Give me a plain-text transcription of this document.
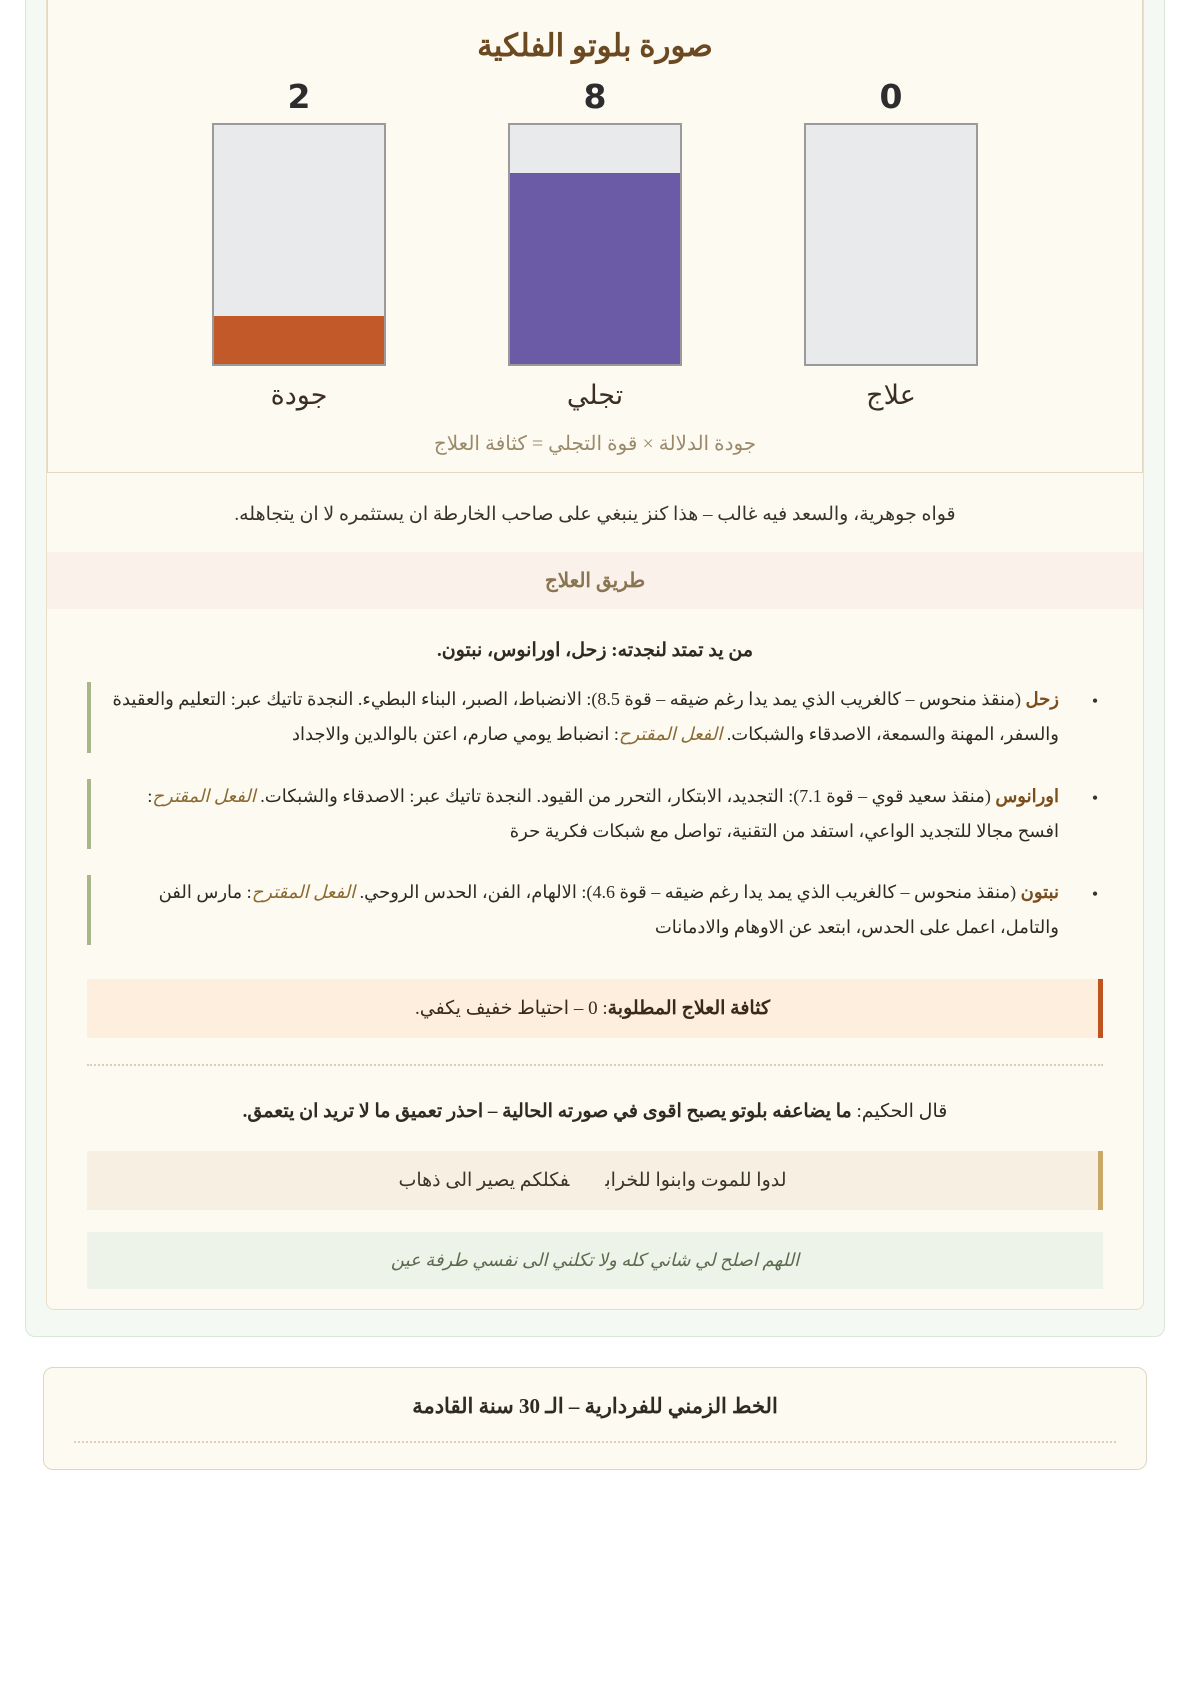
صورة بلوتو الفلكية
2
جودة
8
تجلي
0
علاج
جودة الدلالة × قوة التجلي = كثافة العلاج
قواه جوهرية، والسعد فيه غالب – هذا كنز ينبغي على صاحب الخارطة ان يستثمره لا ان يتجاهله.
طريق العلاج
من يد تمتد لنجدته: زحل، اورانوس، نبتون.
•
زحل (منقذ منحوس – كالغريب الذي يمد يدا رغم ضيقه – قوة 8.5): الانضباط، الصبر، البناء البطيء. النجدة تاتيك عبر: التعليم والعقيدة والسفر، المهنة والسمعة، الاصدقاء والشبكات. الفعل المقترح: انضباط يومي صارم، اعتن بالوالدين والاجداد
•
اورانوس (منقذ سعيد قوي – قوة 7.1): التجديد، الابتكار، التحرر من القيود. النجدة تاتيك عبر: الاصدقاء والشبكات. الفعل المقترح: افسح مجالا للتجديد الواعي، استفد من التقنية، تواصل مع شبكات فكرية حرة
•
نبتون (منقذ منحوس – كالغريب الذي يمد يدا رغم ضيقه – قوة 4.6): الالهام، الفن، الحدس الروحي. الفعل المقترح: مارس الفن والتامل، اعمل على الحدس، ابتعد عن الاوهام والادمانات
كثافة العلاج المطلوبة: 0 – احتياط خفيف يكفي.
قال الحكيم: ما يضاعفه بلوتو يصبح اقوى في صورته الحالية – احذر تعميق ما لا تريد ان يتعمق.
لدوا للموت وابنوا للخرابفكلكم يصير الى ذهاب
اللهم اصلح لي شاني كله ولا تكلني الى نفسي طرفة عين
الخط الزمني للفردارية – الـ 30 سنة القادمة
